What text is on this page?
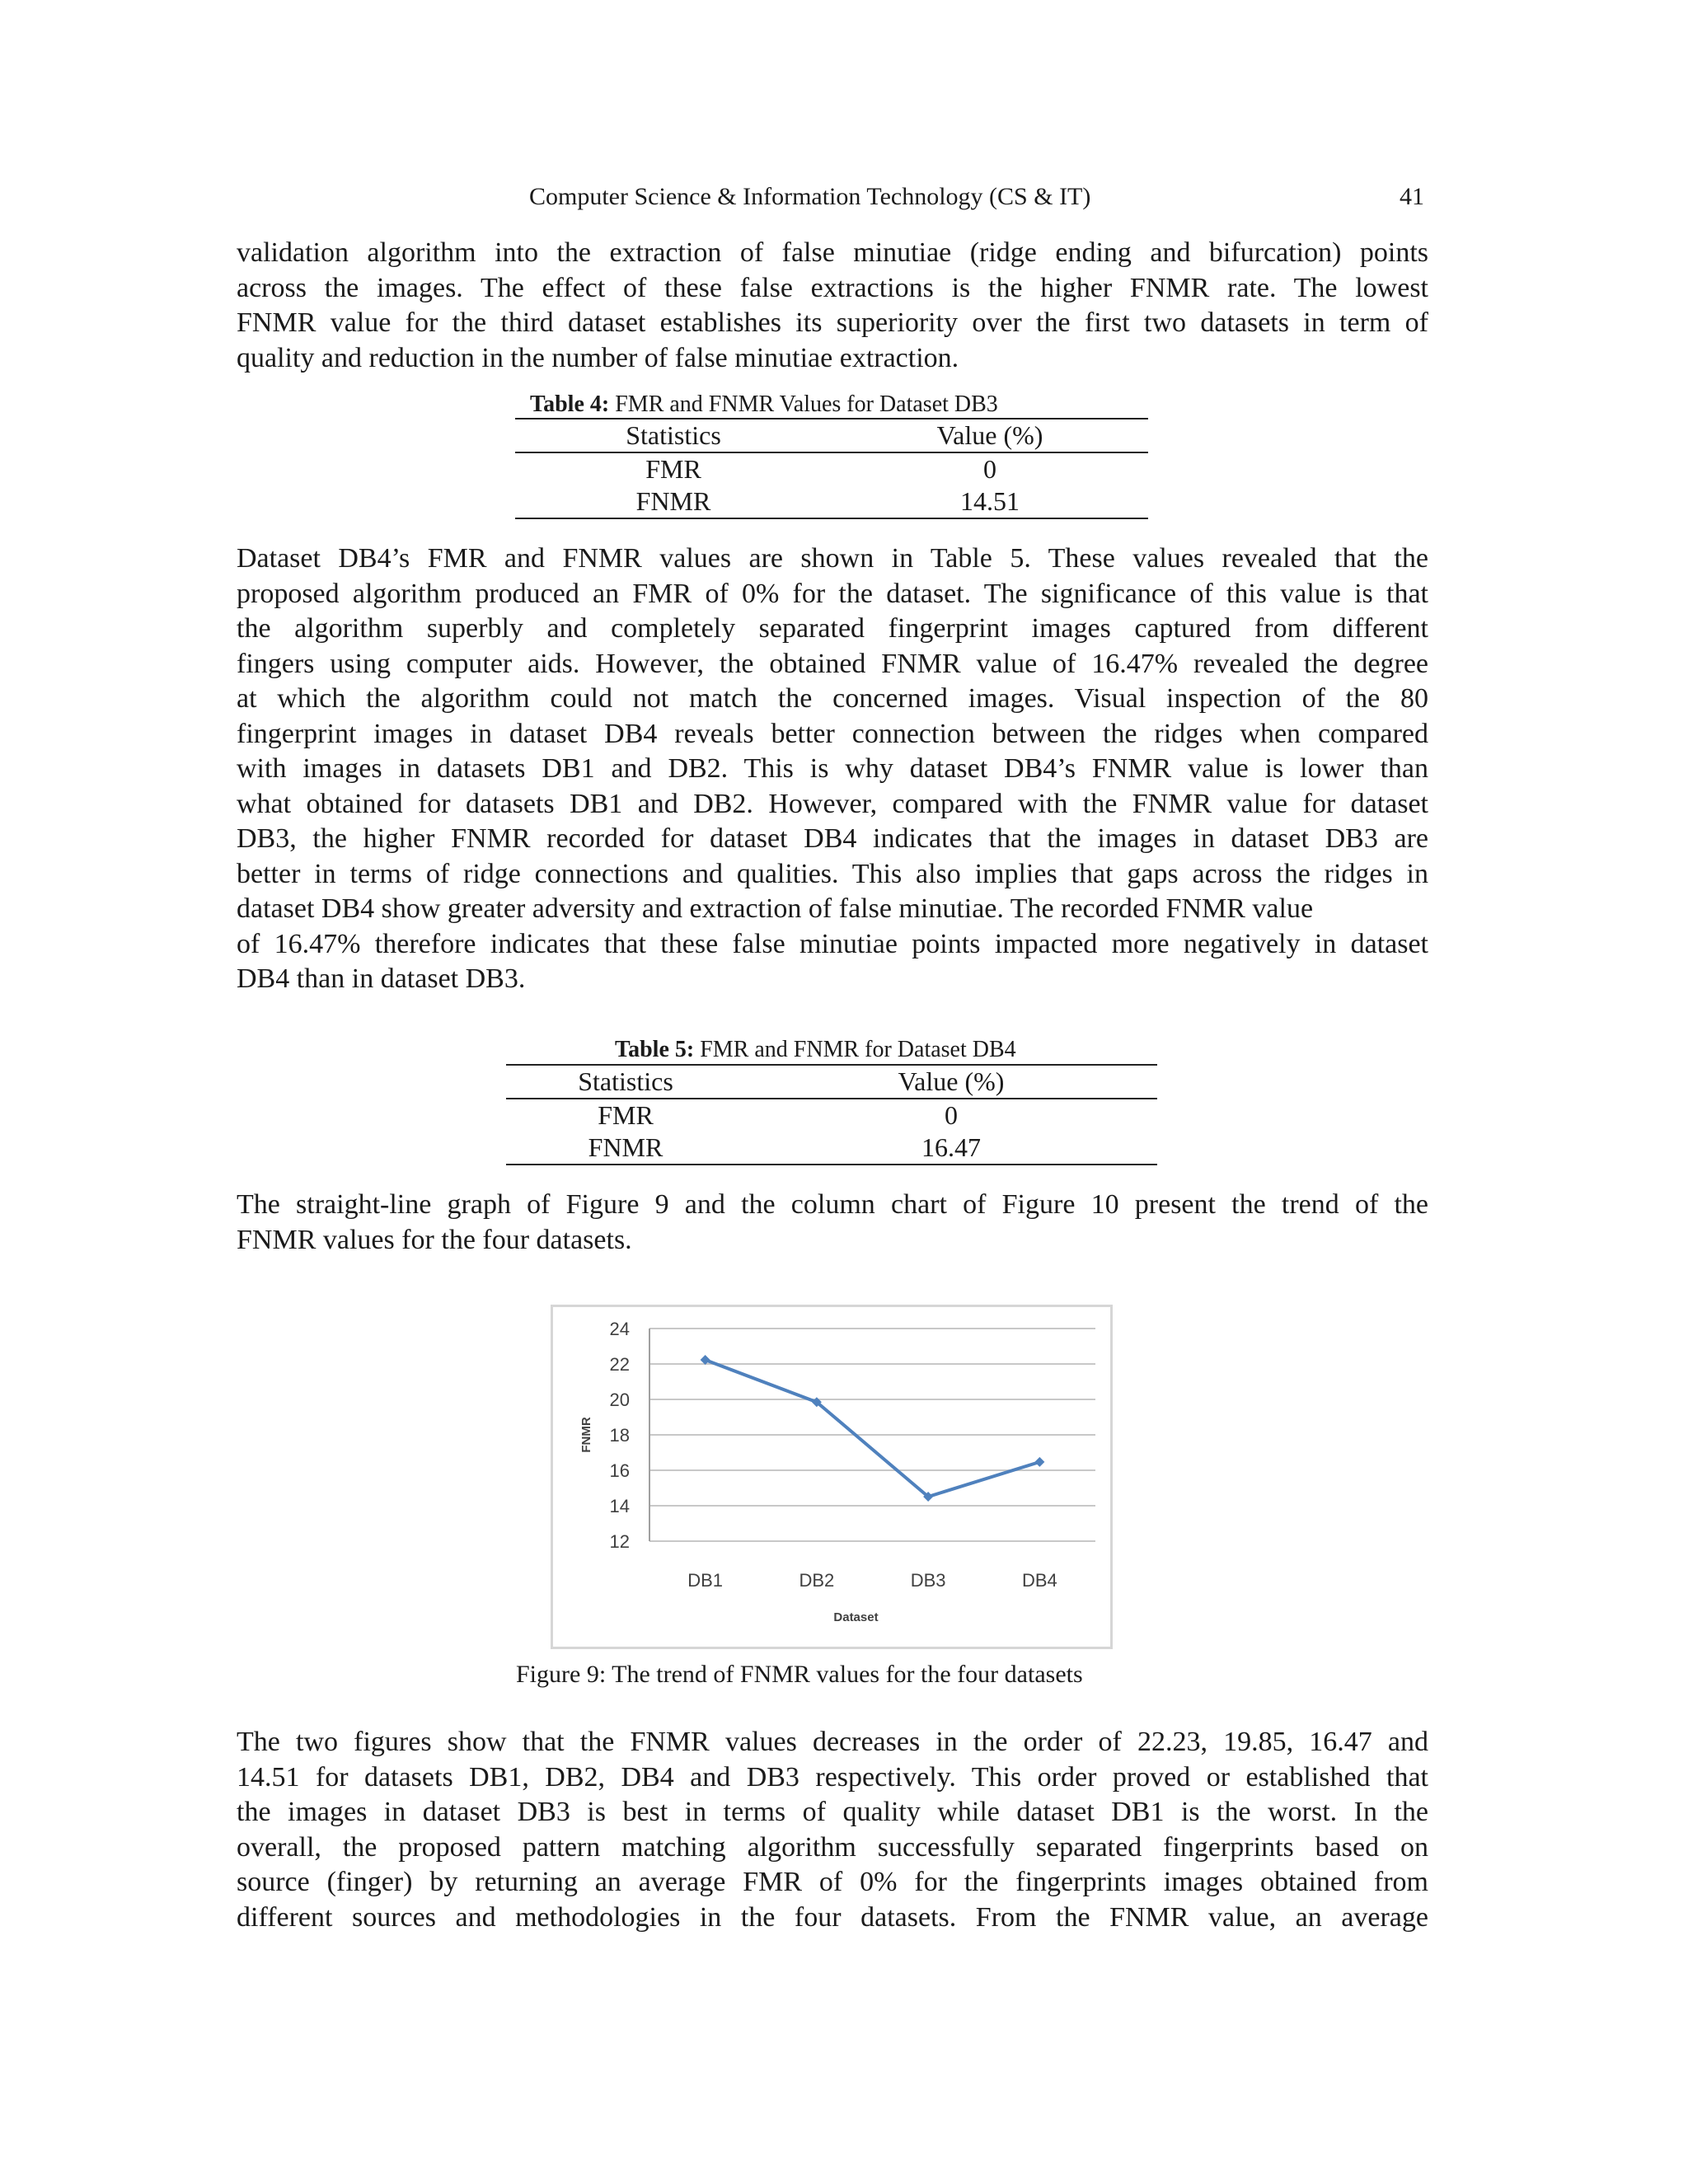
Computer Science & Information Technology (CS & IT)	41
validation algorithm into the extraction of false minutiae (ridge ending and bifurcation) points
across the images. The effect of these false extractions is the higher FNMR rate. The lowest
FNMR value for the third dataset establishes its superiority over the first two datasets in term of
quality and reduction in the number of false minutiae extraction.
Table 4: FMR and FNMR Values for Dataset DB3
Statistics	Value (%)
FMR	0
FNMR	14.51
Dataset DB4’s FMR and FNMR values are shown in Table 5. These values revealed that the
proposed algorithm produced an FMR of 0% for the dataset. The significance of this value is that
the algorithm superbly and completely separated fingerprint images captured from different
fingers using computer aids. However, the obtained FNMR value of 16.47% revealed the degree
at which the algorithm could not match the concerned images. Visual inspection of the 80
fingerprint images in dataset DB4 reveals better connection between the ridges when compared
with images in datasets DB1 and DB2. This is why dataset DB4’s FNMR value is lower than
what obtained for datasets DB1 and DB2. However, compared with the FNMR value for dataset
DB3, the higher FNMR recorded for dataset DB4 indicates that the images in dataset DB3 are
better in terms of ridge connections and qualities. This also implies that gaps across the ridges in
dataset DB4 show greater adversity and extraction of false minutiae. The recorded FNMR value
of 16.47% therefore indicates that these false minutiae points impacted more negatively in dataset
DB4 than in dataset DB3.
Table 5: FMR and FNMR for Dataset DB4
Statistics	Value (%)
FMR	0
FNMR	16.47
The straight-line graph of Figure 9 and the column chart of Figure 10 present the trend of the
FNMR values for the four datasets.
12
14
16
18
20
22
24
DB1	DB2	DB3	DB4
Dataset
FNMR
Figure 9: The trend of FNMR values for the four datasets
The two figures show that the FNMR values decreases in the order of 22.23, 19.85, 16.47 and
14.51 for datasets DB1, DB2, DB4 and DB3 respectively. This order proved or established that
the images in dataset DB3 is best in terms of quality while dataset DB1 is the worst. In the
overall, the proposed pattern matching algorithm successfully separated fingerprints based on
source (finger) by returning an average FMR of 0% for the fingerprints images obtained from
different sources and methodologies in the four datasets. From the FNMR value, an average
